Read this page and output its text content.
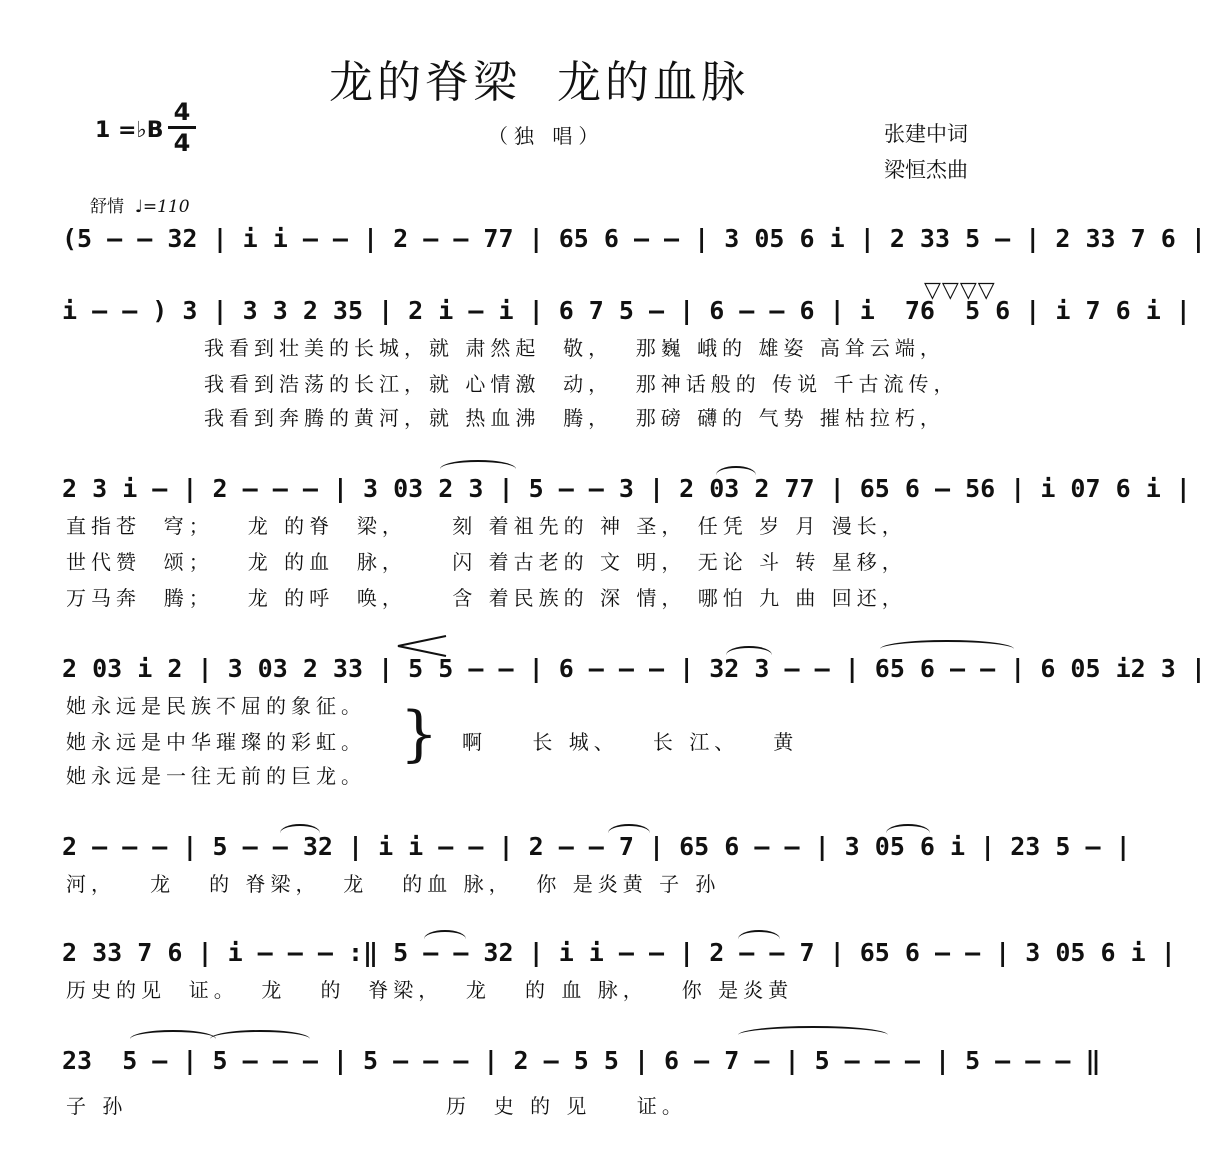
龙的脊梁  龙的血脉
（独 唱）	张建中词
梁恒杰曲
1 =♭B
4
4
舒情 ♩=110
(5 — — 32 | i i — — | 2 — — 77 | 65 6 — — | 3 05 6 i | 2 33 5 — | 2 33 7 6 |
▽▽▽▽
i — — ) 3 | 3 3 2 35 | 2 i — i | 6 7 5 — | 6 — — 6 | i  76  5 6 | i 7 6 i |
我看到壮美的长城，就 肃然起  敬，  那巍 峨的 雄姿 高耸云端，
我看到浩荡的长江，就 心情激  动，  那神话般的 传说 千古流传，
我看到奔腾的黄河，就 热血沸  腾，  那磅 礴的 气势 摧枯拉朽，
2 3 i — | 2 — — — | 3 03 2 3 | 5 — — 3 | 2 03 2 77 | 65 6 — 56 | i 07 6 i |
直指苍  穹；   龙 的脊  梁，    刻 着祖先的 神 圣， 任凭 岁 月 漫长，
世代赞  颂；   龙 的血  脉，    闪 着古老的 文 明， 无论 斗 转 星移，
万马奔  腾；   龙 的呼  唤，    含 着民族的 深 情， 哪怕 九 曲 回还，
2 03 i 2 | 3 03 2 33 | 5 5 — — | 6 — — — | 32 3 — — | 65 6 — — | 6 05 i2 3 |
她永远是民族不屈的象征。
她永远是中华璀璨的彩虹。
她永远是一往无前的巨龙。
} 啊    长 城、   长 江、   黄
2 — — — | 5 — — 32 | i i — — | 2 — — 7 | 65 6 — — | 3 05 6 i | 23 5 — |
河，   龙   的 脊梁，  龙   的血 脉，  你 是炎黄 子 孙
2 33 7 6 | i — — — :‖ 5 — — 32 | i i — — | 2 — — 7 | 65 6 — — | 3 05 6 i |
历史的见  证。  龙   的  脊梁，  龙   的 血 脉，   你 是炎黄
23  5 — | 5 — — — | 5 — — — | 2 — 5 5 | 6 — 7 — | 5 — — — | 5 — — — ‖
子 孙	历  史 的 见    证。
